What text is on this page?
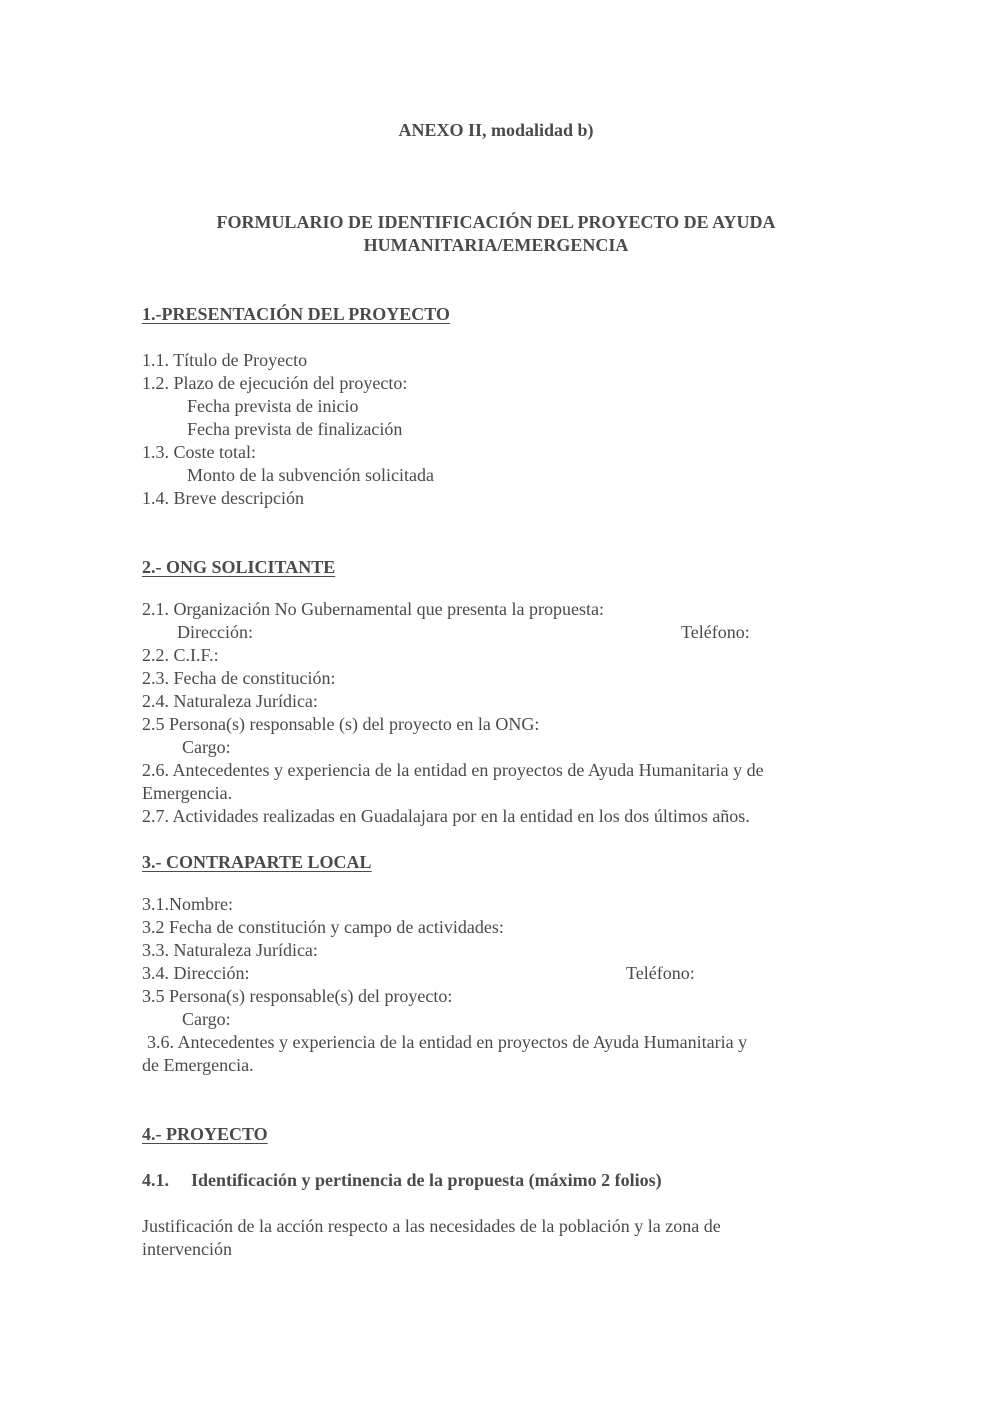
ANEXO II, modalidad b)
FORMULARIO DE IDENTIFICACIÓN DEL PROYECTO DE AYUDA
HUMANITARIA/EMERGENCIA
1.-PRESENTACIÓN DEL PROYECTO
1.1. Título de Proyecto
1.2. Plazo de ejecución del proyecto:
Fecha prevista de inicio
Fecha prevista de finalización
1.3. Coste total:
Monto de la subvención solicitada
1.4. Breve descripción
2.- ONG SOLICITANTE
2.1. Organización No Gubernamental que presenta la propuesta:
Dirección:	Teléfono:
2.2. C.I.F.:
2.3. Fecha de constitución:
2.4. Naturaleza Jurídica:
2.5 Persona(s) responsable (s) del proyecto en la ONG:
Cargo:
2.6. Antecedentes y experiencia de la entidad en proyectos de Ayuda Humanitaria y de
Emergencia.
2.7. Actividades realizadas en Guadalajara por en la entidad en los dos últimos años.
3.- CONTRAPARTE LOCAL
3.1.Nombre:
3.2 Fecha de constitución y campo de actividades:
3.3. Naturaleza Jurídica:
3.4. Dirección:	Teléfono:
3.5 Persona(s) responsable(s) del proyecto:
Cargo:
3.6. Antecedentes y experiencia de la entidad en proyectos de Ayuda Humanitaria y
de Emergencia.
4.- PROYECTO
4.1. Identificación y pertinencia de la propuesta (máximo 2 folios)
Justificación de la acción respecto a las necesidades de la población y la zona de
intervención
